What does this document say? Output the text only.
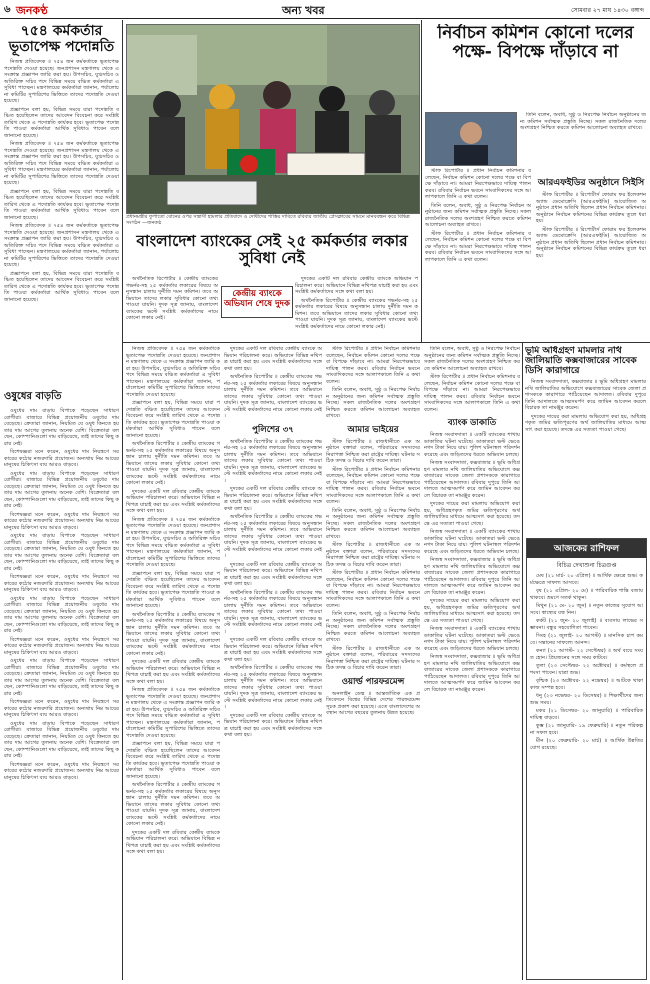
৬ জনকণ্ঠ	অন্য খবর	সোমবার ২৭ মাঘ ১৪৩০ বঙ্গাব্দ
৭৫৪ কর্মকর্তার ভূতাপেক্ষ পদোন্নতি

নিজস্ব প্রতিবেদক ॥ ৭৫৪ জন কর্মকর্তাকে ভূতাপেক্ষ পদোন্নতি দেওয়া হয়েছে। জনপ্রশাসন মন্ত্রণালয় থেকে এ সংক্রান্ত প্রজ্ঞাপন জারি করা হয়। উপসচিব, যুগ্মসচিব ও অতিরিক্ত সচিব পদে বিভিন্ন সময়ে বঞ্চিত কর্মকর্তারা এ সুবিধা পাচ্ছেন। মন্ত্রণালয়ের কর্মকর্তারা জানান, পর্যালোচনা কমিটির সুপারিশের ভিত্তিতে তাদের পদোন্নতি দেওয়া হয়েছে।

প্রজ্ঞাপনে বলা হয়, বিভিন্ন সময়ে যারা পদোন্নতি বঞ্চিত হয়েছিলেন তাদের আবেদন বিবেচনা করে সংশ্লিষ্ট তারিখ থেকে এ পদোন্নতি কার্যকর হবে। ভূতাপেক্ষ পদোন্নতি পাওয়া কর্মকর্তারা আর্থিক সুবিধাও পাবেন বলে জানানো হয়েছে।

নিজস্ব প্রতিবেদক ॥ ৭৫৪ জন কর্মকর্তাকে ভূতাপেক্ষ পদোন্নতি দেওয়া হয়েছে। জনপ্রশাসন মন্ত্রণালয় থেকে এ সংক্রান্ত প্রজ্ঞাপন জারি করা হয়। উপসচিব, যুগ্মসচিব ও অতিরিক্ত সচিব পদে বিভিন্ন সময়ে বঞ্চিত কর্মকর্তারা এ সুবিধা পাচ্ছেন। মন্ত্রণালয়ের কর্মকর্তারা জানান, পর্যালোচনা কমিটির সুপারিশের ভিত্তিতে তাদের পদোন্নতি দেওয়া হয়েছে।

প্রজ্ঞাপনে বলা হয়, বিভিন্ন সময়ে যারা পদোন্নতি বঞ্চিত হয়েছিলেন তাদের আবেদন বিবেচনা করে সংশ্লিষ্ট তারিখ থেকে এ পদোন্নতি কার্যকর হবে। ভূতাপেক্ষ পদোন্নতি পাওয়া কর্মকর্তারা আর্থিক সুবিধাও পাবেন বলে জানানো হয়েছে।

নিজস্ব প্রতিবেদক ॥ ৭৫৪ জন কর্মকর্তাকে ভূতাপেক্ষ পদোন্নতি দেওয়া হয়েছে। জনপ্রশাসন মন্ত্রণালয় থেকে এ সংক্রান্ত প্রজ্ঞাপন জারি করা হয়। উপসচিব, যুগ্মসচিব ও অতিরিক্ত সচিব পদে বিভিন্ন সময়ে বঞ্চিত কর্মকর্তারা এ সুবিধা পাচ্ছেন। মন্ত্রণালয়ের কর্মকর্তারা জানান, পর্যালোচনা কমিটির সুপারিশের ভিত্তিতে তাদের পদোন্নতি দেওয়া হয়েছে।

প্রজ্ঞাপনে বলা হয়, বিভিন্ন সময়ে যারা পদোন্নতি বঞ্চিত হয়েছিলেন তাদের আবেদন বিবেচনা করে সংশ্লিষ্ট তারিখ থেকে এ পদোন্নতি কার্যকর হবে। ভূতাপেক্ষ পদোন্নতি পাওয়া কর্মকর্তারা আর্থিক সুবিধাও পাবেন বলে জানানো হয়েছে।

ওষুধের বাড়তি

ওষুধের দাম বাড়ায় বিপাকে পড়েছেন সাধারণ রোগীরা। বাজারে বিভিন্ন প্রয়োজনীয় ওষুধের দাম বেড়েছে। ক্রেতারা জানান, নিয়মিত যে ওষুধ কিনতে হয় তার দাম আগের তুলনায় অনেক বেশি। বিক্রেতারা বলছেন, কোম্পানিগুলো দাম বাড়িয়েছে, তাই তাদের কিছু করার নেই।

বিশেষজ্ঞরা মনে করেন, ওষুধের দাম নিয়ন্ত্রণে সরকারের কঠোর নজরদারি প্রয়োজন। অন্যথায় নিম্ন আয়ের মানুষের চিকিৎসা ব্যয় আরও বাড়বে।

ওষুধের দাম বাড়ায় বিপাকে পড়েছেন সাধারণ রোগীরা। বাজারে বিভিন্ন প্রয়োজনীয় ওষুধের দাম বেড়েছে। ক্রেতারা জানান, নিয়মিত যে ওষুধ কিনতে হয় তার দাম আগের তুলনায় অনেক বেশি। বিক্রেতারা বলছেন, কোম্পানিগুলো দাম বাড়িয়েছে, তাই তাদের কিছু করার নেই।

বিশেষজ্ঞরা মনে করেন, ওষুধের দাম নিয়ন্ত্রণে সরকারের কঠোর নজরদারি প্রয়োজন। অন্যথায় নিম্ন আয়ের মানুষের চিকিৎসা ব্যয় আরও বাড়বে।

ওষুধের দাম বাড়ায় বিপাকে পড়েছেন সাধারণ রোগীরা। বাজারে বিভিন্ন প্রয়োজনীয় ওষুধের দাম বেড়েছে। ক্রেতারা জানান, নিয়মিত যে ওষুধ কিনতে হয় তার দাম আগের তুলনায় অনেক বেশি। বিক্রেতারা বলছেন, কোম্পানিগুলো দাম বাড়িয়েছে, তাই তাদের কিছু করার নেই।

বিশেষজ্ঞরা মনে করেন, ওষুধের দাম নিয়ন্ত্রণে সরকারের কঠোর নজরদারি প্রয়োজন। অন্যথায় নিম্ন আয়ের মানুষের চিকিৎসা ব্যয় আরও বাড়বে।

ওষুধের দাম বাড়ায় বিপাকে পড়েছেন সাধারণ রোগীরা। বাজারে বিভিন্ন প্রয়োজনীয় ওষুধের দাম বেড়েছে। ক্রেতারা জানান, নিয়মিত যে ওষুধ কিনতে হয় তার দাম আগের তুলনায় অনেক বেশি। বিক্রেতারা বলছেন, কোম্পানিগুলো দাম বাড়িয়েছে, তাই তাদের কিছু করার নেই।

বিশেষজ্ঞরা মনে করেন, ওষুধের দাম নিয়ন্ত্রণে সরকারের কঠোর নজরদারি প্রয়োজন। অন্যথায় নিম্ন আয়ের মানুষের চিকিৎসা ব্যয় আরও বাড়বে।

ওষুধের দাম বাড়ায় বিপাকে পড়েছেন সাধারণ রোগীরা। বাজারে বিভিন্ন প্রয়োজনীয় ওষুধের দাম বেড়েছে। ক্রেতারা জানান, নিয়মিত যে ওষুধ কিনতে হয় তার দাম আগের তুলনায় অনেক বেশি। বিক্রেতারা বলছেন, কোম্পানিগুলো দাম বাড়িয়েছে, তাই তাদের কিছু করার নেই।

বিশেষজ্ঞরা মনে করেন, ওষুধের দাম নিয়ন্ত্রণে সরকারের কঠোর নজরদারি প্রয়োজন। অন্যথায় নিম্ন আয়ের মানুষের চিকিৎসা ব্যয় আরও বাড়বে।

ওষুধের দাম বাড়ায় বিপাকে পড়েছেন সাধারণ রোগীরা। বাজারে বিভিন্ন প্রয়োজনীয় ওষুধের দাম বেড়েছে। ক্রেতারা জানান, নিয়মিত যে ওষুধ কিনতে হয় তার দাম আগের তুলনায় অনেক বেশি। বিক্রেতারা বলছেন, কোম্পানিগুলো দাম বাড়িয়েছে, তাই তাদের কিছু করার নেই।

বিশেষজ্ঞরা মনে করেন, ওষুধের দাম নিয়ন্ত্রণে সরকারের কঠোর নজরদারি প্রয়োজন। অন্যথায় নিম্ন আয়ের মানুষের চিকিৎসা ব্যয় আরও বাড়বে।

প্রধানমন্ত্রীর ফুপাতো বোনের ওপর সন্ত্রাসী হামলার প্রতিবাদে ও দোষীদের শাস্তির দাবিতে রবিবার জাতীয় প্রেসক্লাবের সামনে মানববন্ধন করে বিভিন্ন সংগঠন —জনকণ্ঠ
বাংলাদেশ ব্যাংকের সেই ২৫ কর্মকর্তার লকার সুবিধা নেই

অর্থনৈতিক রিপোর্টার ॥ কেন্দ্রীয় ব্যাংকের গভর্নর-সহ ২৫ কর্মকর্তার লকারের বিষয়ে অনুসন্ধান চালায় দুর্নীতি দমন কমিশন। তবে অভিযানে তাদের লকার সুবিধার কোনো তথ্য পাওয়া যায়নি। দুদক সূত্র জানায়, বাংলাদেশ ব্যাংকের ভল্টে সংশ্লিষ্ট কর্মকর্তাদের নামে কোনো লকার নেই।

কেন্দ্রীয় ব্যাংকে অভিযান শেষে দুদক

দুদকের একটি দল রবিবার কেন্দ্রীয় ব্যাংকে অভিযান পরিচালনা করে। অভিযানে বিভিন্ন নথিপত্র যাচাই করা হয় এবং সংশ্লিষ্ট কর্মকর্তাদের সঙ্গে কথা বলা হয়।

অর্থনৈতিক রিপোর্টার ॥ কেন্দ্রীয় ব্যাংকের গভর্নর-সহ ২৫ কর্মকর্তার লকারের বিষয়ে অনুসন্ধান চালায় দুর্নীতি দমন কমিশন। তবে অভিযানে তাদের লকার সুবিধার কোনো তথ্য পাওয়া যায়নি। দুদক সূত্র জানায়, বাংলাদেশ ব্যাংকের ভল্টে সংশ্লিষ্ট কর্মকর্তাদের নামে কোনো লকার নেই।

নির্বাচন কমিশন কোনো দলের পক্ষে- বিপক্ষে দাঁড়াবে না

স্টাফ রিপোর্টার ॥ প্রধান নির্বাচন কমিশনার বলেছেন, নির্বাচন কমিশন কোনো দলের পক্ষে বা বিপক্ষে দাঁড়াবে না। আমরা নিরপেক্ষভাবে দায়িত্ব পালন করব। রবিবার নির্বাচন ভবনে সাংবাদিকদের সঙ্গে আলাপকালে তিনি এ কথা বলেন।

তিনি বলেন, অবাধ, সুষ্ঠু ও নিরপেক্ষ নির্বাচন অনুষ্ঠানের জন্য কমিশন সর্বাত্মক প্রস্তুতি নিচ্ছে। সকল রাজনৈতিক দলের অংশগ্রহণ নিশ্চিত করতে কমিশন আলোচনা অব্যাহত রাখবে।

স্টাফ রিপোর্টার ॥ প্রধান নির্বাচন কমিশনার বলেছেন, নির্বাচন কমিশন কোনো দলের পক্ষে বা বিপক্ষে দাঁড়াবে না। আমরা নিরপেক্ষভাবে দায়িত্ব পালন করব। রবিবার নির্বাচন ভবনে সাংবাদিকদের সঙ্গে আলাপকালে তিনি এ কথা বলেন।

তিনি বলেন, অবাধ, সুষ্ঠু ও নিরপেক্ষ নির্বাচন অনুষ্ঠানের জন্য কমিশন সর্বাত্মক প্রস্তুতি নিচ্ছে। সকল রাজনৈতিক দলের অংশগ্রহণ নিশ্চিত করতে কমিশন আলোচনা অব্যাহত রাখবে।

আরএফইডির অনুষ্ঠানে সিইসি

স্টাফ রিপোর্টার ॥ রিপোর্টার্স ফোরাম ফর ইলেকশন অ্যান্ড ডেমোক্রেসি (আরএফইডি) আয়োজিত অনুষ্ঠানে প্রধান অতিথি ছিলেন প্রধান নির্বাচন কমিশনার। অনুষ্ঠানে নির্বাচন কমিশনের বিভিন্ন কার্যক্রম তুলে ধরা হয়।

স্টাফ রিপোর্টার ॥ রিপোর্টার্স ফোরাম ফর ইলেকশন অ্যান্ড ডেমোক্রেসি (আরএফইডি) আয়োজিত অনুষ্ঠানে প্রধান অতিথি ছিলেন প্রধান নির্বাচন কমিশনার। অনুষ্ঠানে নির্বাচন কমিশনের বিভিন্ন কার্যক্রম তুলে ধরা হয়।

ভূমি অধিগ্রহণ মামলার নথি জালিয়াতি কক্সবাজারের সাবেক ডিসি কারাগারে

নিজস্ব সংবাদদাতা, কক্সবাজার ॥ ভূমি অধিগ্রহণ মামলার নথি জালিয়াতির অভিযোগে কক্সবাজারের সাবেক জেলা প্রশাসককে কারাগারে পাঠিয়েছেন আদালত। রবিবার দুপুরে তিনি আদালতে আত্মসমর্পণ করে জামিন আবেদন করলে বিচারক তা নামঞ্জুর করেন।

দুদকের দায়ের করা মামলায় অভিযোগ করা হয়, অধিগ্রহণকৃত জমির ক্ষতিপূরণের অর্থ জালিয়াতির মাধ্যমে আত্মসাৎ করা হয়েছে। তদন্তে এর সত্যতা পাওয়া গেছে।

আজকের রাশিফল
বিচিত্র দেখাশুনা চিত্রগুপ্ত

মেষ (২১ মার্চ- ২০ এপ্রিল) ॥ আর্থিক ক্ষেত্রে শুভ। কর্মক্ষেত্রে সাফল্য আসবে।

বৃষ (২১ এপ্রিল- ২০ মে) ॥ পারিবারিক শান্তি বজায় থাকবে। ভ্রমণে সতর্ক থাকুন।

মিথুন (২১ মে- ২০ জুন) ॥ নতুন কাজের সুযোগ আসবে। স্বাস্থ্যের যত্ন নিন।

কর্কট (২১ জুন- ২০ জুলাই) ॥ ব্যবসায় লাভের সম্ভাবনা। বন্ধুর সহযোগিতা পাবেন।

সিংহ (২১ জুলাই- ২০ আগস্ট) ॥ মানসিক চাপ কমবে। সন্তানের সাফল্যে আনন্দ।

কন্যা (২১ আগস্ট- ২২ সেপ্টেম্বর) ॥ অর্থ ব্যয়ে সংযত হোন। প্রিয়জনের সঙ্গে সময় কাটবে।

তুলা (২৩ সেপ্টেম্বর- ২২ অক্টোবর) ॥ কর্মস্থলে প্রশংসা পাবেন। যাত্রা শুভ।

বৃশ্চিক (২৩ অক্টোবর- ২২ নভেম্বর) ॥ আটকে থাকা কাজ সম্পন্ন হবে।

ধনু (২৩ নভেম্বর- ২০ ডিসেম্বর) ॥ শিক্ষার্থীদের জন্য শুভ সময়।

মকর (২১ ডিসেম্বর- ২০ জানুয়ারি) ॥ পারিবারিক দায়িত্ব বাড়বে।

কুম্ভ (২১ জানুয়ারি- ১৯ ফেব্রুয়ারি) ॥ নতুন পরিকল্পনা সফল হবে।

মীন (২০ ফেব্রুয়ারি- ২০ মার্চ) ॥ আর্থিক উন্নতির যোগ রয়েছে।

নিজস্ব প্রতিবেদক ॥ ৭৫৪ জন কর্মকর্তাকে ভূতাপেক্ষ পদোন্নতি দেওয়া হয়েছে। জনপ্রশাসন মন্ত্রণালয় থেকে এ সংক্রান্ত প্রজ্ঞাপন জারি করা হয়। উপসচিব, যুগ্মসচিব ও অতিরিক্ত সচিব পদে বিভিন্ন সময়ে বঞ্চিত কর্মকর্তারা এ সুবিধা পাচ্ছেন। মন্ত্রণালয়ের কর্মকর্তারা জানান, পর্যালোচনা কমিটির সুপারিশের ভিত্তিতে তাদের পদোন্নতি দেওয়া হয়েছে।

প্রজ্ঞাপনে বলা হয়, বিভিন্ন সময়ে যারা পদোন্নতি বঞ্চিত হয়েছিলেন তাদের আবেদন বিবেচনা করে সংশ্লিষ্ট তারিখ থেকে এ পদোন্নতি কার্যকর হবে। ভূতাপেক্ষ পদোন্নতি পাওয়া কর্মকর্তারা আর্থিক সুবিধাও পাবেন বলে জানানো হয়েছে।

অর্থনৈতিক রিপোর্টার ॥ কেন্দ্রীয় ব্যাংকের গভর্নর-সহ ২৫ কর্মকর্তার লকারের বিষয়ে অনুসন্ধান চালায় দুর্নীতি দমন কমিশন। তবে অভিযানে তাদের লকার সুবিধার কোনো তথ্য পাওয়া যায়নি। দুদক সূত্র জানায়, বাংলাদেশ ব্যাংকের ভল্টে সংশ্লিষ্ট কর্মকর্তাদের নামে কোনো লকার নেই।

দুদকের একটি দল রবিবার কেন্দ্রীয় ব্যাংকে অভিযান পরিচালনা করে। অভিযানে বিভিন্ন নথিপত্র যাচাই করা হয় এবং সংশ্লিষ্ট কর্মকর্তাদের সঙ্গে কথা বলা হয়।

নিজস্ব প্রতিবেদক ॥ ৭৫৪ জন কর্মকর্তাকে ভূতাপেক্ষ পদোন্নতি দেওয়া হয়েছে। জনপ্রশাসন মন্ত্রণালয় থেকে এ সংক্রান্ত প্রজ্ঞাপন জারি করা হয়। উপসচিব, যুগ্মসচিব ও অতিরিক্ত সচিব পদে বিভিন্ন সময়ে বঞ্চিত কর্মকর্তারা এ সুবিধা পাচ্ছেন। মন্ত্রণালয়ের কর্মকর্তারা জানান, পর্যালোচনা কমিটির সুপারিশের ভিত্তিতে তাদের পদোন্নতি দেওয়া হয়েছে।

প্রজ্ঞাপনে বলা হয়, বিভিন্ন সময়ে যারা পদোন্নতি বঞ্চিত হয়েছিলেন তাদের আবেদন বিবেচনা করে সংশ্লিষ্ট তারিখ থেকে এ পদোন্নতি কার্যকর হবে। ভূতাপেক্ষ পদোন্নতি পাওয়া কর্মকর্তারা আর্থিক সুবিধাও পাবেন বলে জানানো হয়েছে।

অর্থনৈতিক রিপোর্টার ॥ কেন্দ্রীয় ব্যাংকের গভর্নর-সহ ২৫ কর্মকর্তার লকারের বিষয়ে অনুসন্ধান চালায় দুর্নীতি দমন কমিশন। তবে অভিযানে তাদের লকার সুবিধার কোনো তথ্য পাওয়া যায়নি। দুদক সূত্র জানায়, বাংলাদেশ ব্যাংকের ভল্টে সংশ্লিষ্ট কর্মকর্তাদের নামে কোনো লকার নেই।

দুদকের একটি দল রবিবার কেন্দ্রীয় ব্যাংকে অভিযান পরিচালনা করে। অভিযানে বিভিন্ন নথিপত্র যাচাই করা হয় এবং সংশ্লিষ্ট কর্মকর্তাদের সঙ্গে কথা বলা হয়।

নিজস্ব প্রতিবেদক ॥ ৭৫৪ জন কর্মকর্তাকে ভূতাপেক্ষ পদোন্নতি দেওয়া হয়েছে। জনপ্রশাসন মন্ত্রণালয় থেকে এ সংক্রান্ত প্রজ্ঞাপন জারি করা হয়। উপসচিব, যুগ্মসচিব ও অতিরিক্ত সচিব পদে বিভিন্ন সময়ে বঞ্চিত কর্মকর্তারা এ সুবিধা পাচ্ছেন। মন্ত্রণালয়ের কর্মকর্তারা জানান, পর্যালোচনা কমিটির সুপারিশের ভিত্তিতে তাদের পদোন্নতি দেওয়া হয়েছে।

প্রজ্ঞাপনে বলা হয়, বিভিন্ন সময়ে যারা পদোন্নতি বঞ্চিত হয়েছিলেন তাদের আবেদন বিবেচনা করে সংশ্লিষ্ট তারিখ থেকে এ পদোন্নতি কার্যকর হবে। ভূতাপেক্ষ পদোন্নতি পাওয়া কর্মকর্তারা আর্থিক সুবিধাও পাবেন বলে জানানো হয়েছে।

অর্থনৈতিক রিপোর্টার ॥ কেন্দ্রীয় ব্যাংকের গভর্নর-সহ ২৫ কর্মকর্তার লকারের বিষয়ে অনুসন্ধান চালায় দুর্নীতি দমন কমিশন। তবে অভিযানে তাদের লকার সুবিধার কোনো তথ্য পাওয়া যায়নি। দুদক সূত্র জানায়, বাংলাদেশ ব্যাংকের ভল্টে সংশ্লিষ্ট কর্মকর্তাদের নামে কোনো লকার নেই।

দুদকের একটি দল রবিবার কেন্দ্রীয় ব্যাংকে অভিযান পরিচালনা করে। অভিযানে বিভিন্ন নথিপত্র যাচাই করা হয় এবং সংশ্লিষ্ট কর্মকর্তাদের সঙ্গে কথা বলা হয়।

দুদকের একটি দল রবিবার কেন্দ্রীয় ব্যাংকে অভিযান পরিচালনা করে। অভিযানে বিভিন্ন নথিপত্র যাচাই করা হয় এবং সংশ্লিষ্ট কর্মকর্তাদের সঙ্গে কথা বলা হয়।

অর্থনৈতিক রিপোর্টার ॥ কেন্দ্রীয় ব্যাংকের গভর্নর-সহ ২৫ কর্মকর্তার লকারের বিষয়ে অনুসন্ধান চালায় দুর্নীতি দমন কমিশন। তবে অভিযানে তাদের লকার সুবিধার কোনো তথ্য পাওয়া যায়নি। দুদক সূত্র জানায়, বাংলাদেশ ব্যাংকের ভল্টে সংশ্লিষ্ট কর্মকর্তাদের নামে কোনো লকার নেই।

পুলিশের ৩৭

অর্থনৈতিক রিপোর্টার ॥ কেন্দ্রীয় ব্যাংকের গভর্নর-সহ ২৫ কর্মকর্তার লকারের বিষয়ে অনুসন্ধান চালায় দুর্নীতি দমন কমিশন। তবে অভিযানে তাদের লকার সুবিধার কোনো তথ্য পাওয়া যায়নি। দুদক সূত্র জানায়, বাংলাদেশ ব্যাংকের ভল্টে সংশ্লিষ্ট কর্মকর্তাদের নামে কোনো লকার নেই।

দুদকের একটি দল রবিবার কেন্দ্রীয় ব্যাংকে অভিযান পরিচালনা করে। অভিযানে বিভিন্ন নথিপত্র যাচাই করা হয় এবং সংশ্লিষ্ট কর্মকর্তাদের সঙ্গে কথা বলা হয়।

অর্থনৈতিক রিপোর্টার ॥ কেন্দ্রীয় ব্যাংকের গভর্নর-সহ ২৫ কর্মকর্তার লকারের বিষয়ে অনুসন্ধান চালায় দুর্নীতি দমন কমিশন। তবে অভিযানে তাদের লকার সুবিধার কোনো তথ্য পাওয়া যায়নি। দুদক সূত্র জানায়, বাংলাদেশ ব্যাংকের ভল্টে সংশ্লিষ্ট কর্মকর্তাদের নামে কোনো লকার নেই।

দুদকের একটি দল রবিবার কেন্দ্রীয় ব্যাংকে অভিযান পরিচালনা করে। অভিযানে বিভিন্ন নথিপত্র যাচাই করা হয় এবং সংশ্লিষ্ট কর্মকর্তাদের সঙ্গে কথা বলা হয়।

অর্থনৈতিক রিপোর্টার ॥ কেন্দ্রীয় ব্যাংকের গভর্নর-সহ ২৫ কর্মকর্তার লকারের বিষয়ে অনুসন্ধান চালায় দুর্নীতি দমন কমিশন। তবে অভিযানে তাদের লকার সুবিধার কোনো তথ্য পাওয়া যায়নি। দুদক সূত্র জানায়, বাংলাদেশ ব্যাংকের ভল্টে সংশ্লিষ্ট কর্মকর্তাদের নামে কোনো লকার নেই।

দুদকের একটি দল রবিবার কেন্দ্রীয় ব্যাংকে অভিযান পরিচালনা করে। অভিযানে বিভিন্ন নথিপত্র যাচাই করা হয় এবং সংশ্লিষ্ট কর্মকর্তাদের সঙ্গে কথা বলা হয়।

অর্থনৈতিক রিপোর্টার ॥ কেন্দ্রীয় ব্যাংকের গভর্নর-সহ ২৫ কর্মকর্তার লকারের বিষয়ে অনুসন্ধান চালায় দুর্নীতি দমন কমিশন। তবে অভিযানে তাদের লকার সুবিধার কোনো তথ্য পাওয়া যায়নি। দুদক সূত্র জানায়, বাংলাদেশ ব্যাংকের ভল্টে সংশ্লিষ্ট কর্মকর্তাদের নামে কোনো লকার নেই।

দুদকের একটি দল রবিবার কেন্দ্রীয় ব্যাংকে অভিযান পরিচালনা করে। অভিযানে বিভিন্ন নথিপত্র যাচাই করা হয় এবং সংশ্লিষ্ট কর্মকর্তাদের সঙ্গে কথা বলা হয়।

স্টাফ রিপোর্টার ॥ প্রধান নির্বাচন কমিশনার বলেছেন, নির্বাচন কমিশন কোনো দলের পক্ষে বা বিপক্ষে দাঁড়াবে না। আমরা নিরপেক্ষভাবে দায়িত্ব পালন করব। রবিবার নির্বাচন ভবনে সাংবাদিকদের সঙ্গে আলাপকালে তিনি এ কথা বলেন।

তিনি বলেন, অবাধ, সুষ্ঠু ও নিরপেক্ষ নির্বাচন অনুষ্ঠানের জন্য কমিশন সর্বাত্মক প্রস্তুতি নিচ্ছে। সকল রাজনৈতিক দলের অংশগ্রহণ নিশ্চিত করতে কমিশন আলোচনা অব্যাহত রাখবে।

আমার ভাইয়ের

স্টাফ রিপোর্টার ॥ রাজধানীতে এক অনুষ্ঠানে বক্তারা বলেন, পরিবারের সদস্যদের নিরাপত্তা নিশ্চিত করা রাষ্ট্রের দায়িত্ব। ঘটনার সঠিক তদন্ত ও বিচার দাবি করেন তারা।

স্টাফ রিপোর্টার ॥ প্রধান নির্বাচন কমিশনার বলেছেন, নির্বাচন কমিশন কোনো দলের পক্ষে বা বিপক্ষে দাঁড়াবে না। আমরা নিরপেক্ষভাবে দায়িত্ব পালন করব। রবিবার নির্বাচন ভবনে সাংবাদিকদের সঙ্গে আলাপকালে তিনি এ কথা বলেন।

তিনি বলেন, অবাধ, সুষ্ঠু ও নিরপেক্ষ নির্বাচন অনুষ্ঠানের জন্য কমিশন সর্বাত্মক প্রস্তুতি নিচ্ছে। সকল রাজনৈতিক দলের অংশগ্রহণ নিশ্চিত করতে কমিশন আলোচনা অব্যাহত রাখবে।

স্টাফ রিপোর্টার ॥ রাজধানীতে এক অনুষ্ঠানে বক্তারা বলেন, পরিবারের সদস্যদের নিরাপত্তা নিশ্চিত করা রাষ্ট্রের দায়িত্ব। ঘটনার সঠিক তদন্ত ও বিচার দাবি করেন তারা।

স্টাফ রিপোর্টার ॥ প্রধান নির্বাচন কমিশনার বলেছেন, নির্বাচন কমিশন কোনো দলের পক্ষে বা বিপক্ষে দাঁড়াবে না। আমরা নিরপেক্ষভাবে দায়িত্ব পালন করব। রবিবার নির্বাচন ভবনে সাংবাদিকদের সঙ্গে আলাপকালে তিনি এ কথা বলেন।

তিনি বলেন, অবাধ, সুষ্ঠু ও নিরপেক্ষ নির্বাচন অনুষ্ঠানের জন্য কমিশন সর্বাত্মক প্রস্তুতি নিচ্ছে। সকল রাজনৈতিক দলের অংশগ্রহণ নিশ্চিত করতে কমিশন আলোচনা অব্যাহত রাখবে।

স্টাফ রিপোর্টার ॥ রাজধানীতে এক অনুষ্ঠানে বক্তারা বলেন, পরিবারের সদস্যদের নিরাপত্তা নিশ্চিত করা রাষ্ট্রের দায়িত্ব। ঘটনার সঠিক তদন্ত ও বিচার দাবি করেন তারা।

ওয়ার্ল্ড পারফরমেন্স

অনলাইন ডেস্ক ॥ আন্তর্জাতিক এক প্রতিবেদনে বিশ্বের বিভিন্ন দেশের পারফরমেন্স সূচক প্রকাশ করা হয়েছে। এতে বাংলাদেশের অবস্থান আগের বছরের তুলনায় উন্নত হয়েছে।

তিনি বলেন, অবাধ, সুষ্ঠু ও নিরপেক্ষ নির্বাচন অনুষ্ঠানের জন্য কমিশন সর্বাত্মক প্রস্তুতি নিচ্ছে। সকল রাজনৈতিক দলের অংশগ্রহণ নিশ্চিত করতে কমিশন আলোচনা অব্যাহত রাখবে।

স্টাফ রিপোর্টার ॥ প্রধান নির্বাচন কমিশনার বলেছেন, নির্বাচন কমিশন কোনো দলের পক্ষে বা বিপক্ষে দাঁড়াবে না। আমরা নিরপেক্ষভাবে দায়িত্ব পালন করব। রবিবার নির্বাচন ভবনে সাংবাদিকদের সঙ্গে আলাপকালে তিনি এ কথা বলেন।

ব্যাংক ডাকাতি

নিজস্ব সংবাদদাতা ॥ একটি ব্যাংকের শাখায় ডাকাতির ঘটনা ঘটেছে। ডাকাতরা ভল্ট ভেঙে নগদ টাকা নিয়ে যায়। পুলিশ ঘটনাস্থল পরিদর্শন করেছে এবং জড়িতদের ধরতে অভিযান চলছে।

নিজস্ব সংবাদদাতা, কক্সবাজার ॥ ভূমি অধিগ্রহণ মামলার নথি জালিয়াতির অভিযোগে কক্সবাজারের সাবেক জেলা প্রশাসককে কারাগারে পাঠিয়েছেন আদালত। রবিবার দুপুরে তিনি আদালতে আত্মসমর্পণ করে জামিন আবেদন করলে বিচারক তা নামঞ্জুর করেন।

দুদকের দায়ের করা মামলায় অভিযোগ করা হয়, অধিগ্রহণকৃত জমির ক্ষতিপূরণের অর্থ জালিয়াতির মাধ্যমে আত্মসাৎ করা হয়েছে। তদন্তে এর সত্যতা পাওয়া গেছে।

নিজস্ব সংবাদদাতা ॥ একটি ব্যাংকের শাখায় ডাকাতির ঘটনা ঘটেছে। ডাকাতরা ভল্ট ভেঙে নগদ টাকা নিয়ে যায়। পুলিশ ঘটনাস্থল পরিদর্শন করেছে এবং জড়িতদের ধরতে অভিযান চলছে।

নিজস্ব সংবাদদাতা, কক্সবাজার ॥ ভূমি অধিগ্রহণ মামলার নথি জালিয়াতির অভিযোগে কক্সবাজারের সাবেক জেলা প্রশাসককে কারাগারে পাঠিয়েছেন আদালত। রবিবার দুপুরে তিনি আদালতে আত্মসমর্পণ করে জামিন আবেদন করলে বিচারক তা নামঞ্জুর করেন।

দুদকের দায়ের করা মামলায় অভিযোগ করা হয়, অধিগ্রহণকৃত জমির ক্ষতিপূরণের অর্থ জালিয়াতির মাধ্যমে আত্মসাৎ করা হয়েছে। তদন্তে এর সত্যতা পাওয়া গেছে।

নিজস্ব সংবাদদাতা ॥ একটি ব্যাংকের শাখায় ডাকাতির ঘটনা ঘটেছে। ডাকাতরা ভল্ট ভেঙে নগদ টাকা নিয়ে যায়। পুলিশ ঘটনাস্থল পরিদর্শন করেছে এবং জড়িতদের ধরতে অভিযান চলছে।

নিজস্ব সংবাদদাতা, কক্সবাজার ॥ ভূমি অধিগ্রহণ মামলার নথি জালিয়াতির অভিযোগে কক্সবাজারের সাবেক জেলা প্রশাসককে কারাগারে পাঠিয়েছেন আদালত। রবিবার দুপুরে তিনি আদালতে আত্মসমর্পণ করে জামিন আবেদন করলে বিচারক তা নামঞ্জুর করেন।
